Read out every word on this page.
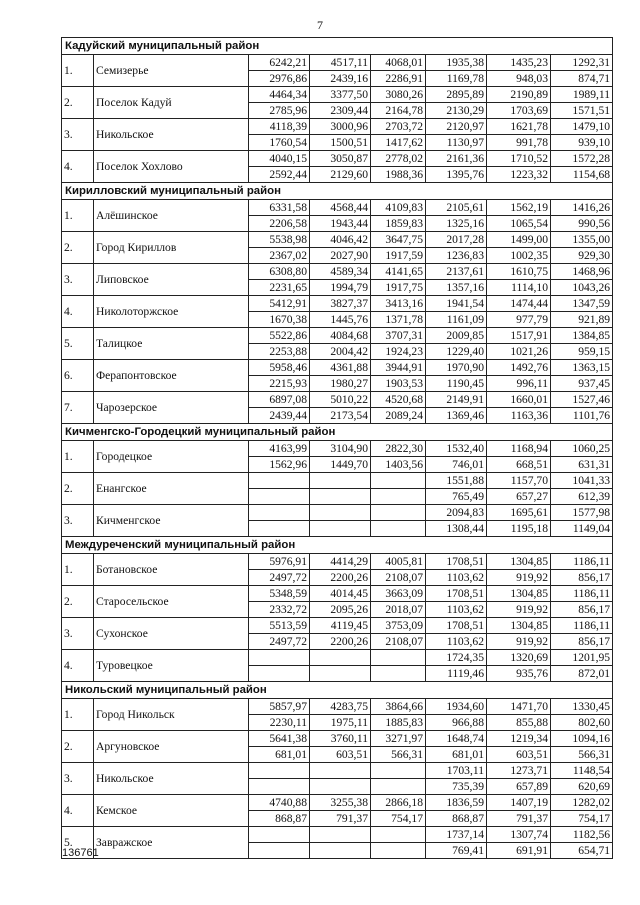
7
Кадуйский муниципальный район							
1.	Семизерье	6242,21	4517,11	4068,01	1935,38	1435,23	1292,31
		2976,86	2439,16	2286,91	1169,78	948,03	874,71
2.	Поселок Кадуй	4464,34	3377,50	3080,26	2895,89	2190,89	1989,11
		2785,96	2309,44	2164,78	2130,29	1703,69	1571,51
3.	Никольское	4118,39	3000,96	2703,72	2120,97	1621,78	1479,10
		1760,54	1500,51	1417,62	1130,97	991,78	939,10
4.	Поселок Хохлово	4040,15	3050,87	2778,02	2161,36	1710,52	1572,28
		2592,44	2129,60	1988,36	1395,76	1223,32	1154,68
Кирилловский муниципальный район							
1.	Алёшинское	6331,58	4568,44	4109,83	2105,61	1562,19	1416,26
		2206,58	1943,44	1859,83	1325,16	1065,54	990,56
2.	Город Кириллов	5538,98	4046,42	3647,75	2017,28	1499,00	1355,00
		2367,02	2027,90	1917,59	1236,83	1002,35	929,30
3.	Липовское	6308,80	4589,34	4141,65	2137,61	1610,75	1468,96
		2231,65	1994,79	1917,75	1357,16	1114,10	1043,26
4.	Николоторжское	5412,91	3827,37	3413,16	1941,54	1474,44	1347,59
		1670,38	1445,76	1371,78	1161,09	977,79	921,89
5.	Талицкое	5522,86	4084,68	3707,31	2009,85	1517,91	1384,85
		2253,88	2004,42	1924,23	1229,40	1021,26	959,15
6.	Ферапонтовское	5958,46	4361,88	3944,91	1970,90	1492,76	1363,15
		2215,93	1980,27	1903,53	1190,45	996,11	937,45
7.	Чарозерское	6897,08	5010,22	4520,68	2149,91	1660,01	1527,46
		2439,44	2173,54	2089,24	1369,46	1163,36	1101,76
Кичменгско-Городецкий муниципальный район							
1.	Городецкое	4163,99	3104,90	2822,30	1532,40	1168,94	1060,25
		1562,96	1449,70	1403,56	746,01	668,51	631,31
2.	Енангское				1551,88	1157,70	1041,33
					765,49	657,27	612,39
3.	Кичменгское				2094,83	1695,61	1577,98
					1308,44	1195,18	1149,04
Междуреченский муниципальный район							
1.	Ботановское	5976,91	4414,29	4005,81	1708,51	1304,85	1186,11
		2497,72	2200,26	2108,07	1103,62	919,92	856,17
2.	Старосельское	5348,59	4014,45	3663,09	1708,51	1304,85	1186,11
		2332,72	2095,26	2018,07	1103,62	919,92	856,17
3.	Сухонское	5513,59	4119,45	3753,09	1708,51	1304,85	1186,11
		2497,72	2200,26	2108,07	1103,62	919,92	856,17
4.	Туровецкое				1724,35	1320,69	1201,95
					1119,46	935,76	872,01
Никольский муниципальный район							
1.	Город Никольск	5857,97	4283,75	3864,66	1934,60	1471,70	1330,45
		2230,11	1975,11	1885,83	966,88	855,88	802,60
2.	Аргуновское	5641,38	3760,11	3271,97	1648,74	1219,34	1094,16
		681,01	603,51	566,31	681,01	603,51	566,31
3.	Никольское				1703,11	1273,71	1148,54
					735,39	657,89	620,69
4.	Кемское	4740,88	3255,38	2866,18	1836,59	1407,19	1282,02
		868,87	791,37	754,17	868,87	791,37	754,17
5.	Завражское				1737,14	1307,74	1182,56
					769,41	691,91	654,71
136761
